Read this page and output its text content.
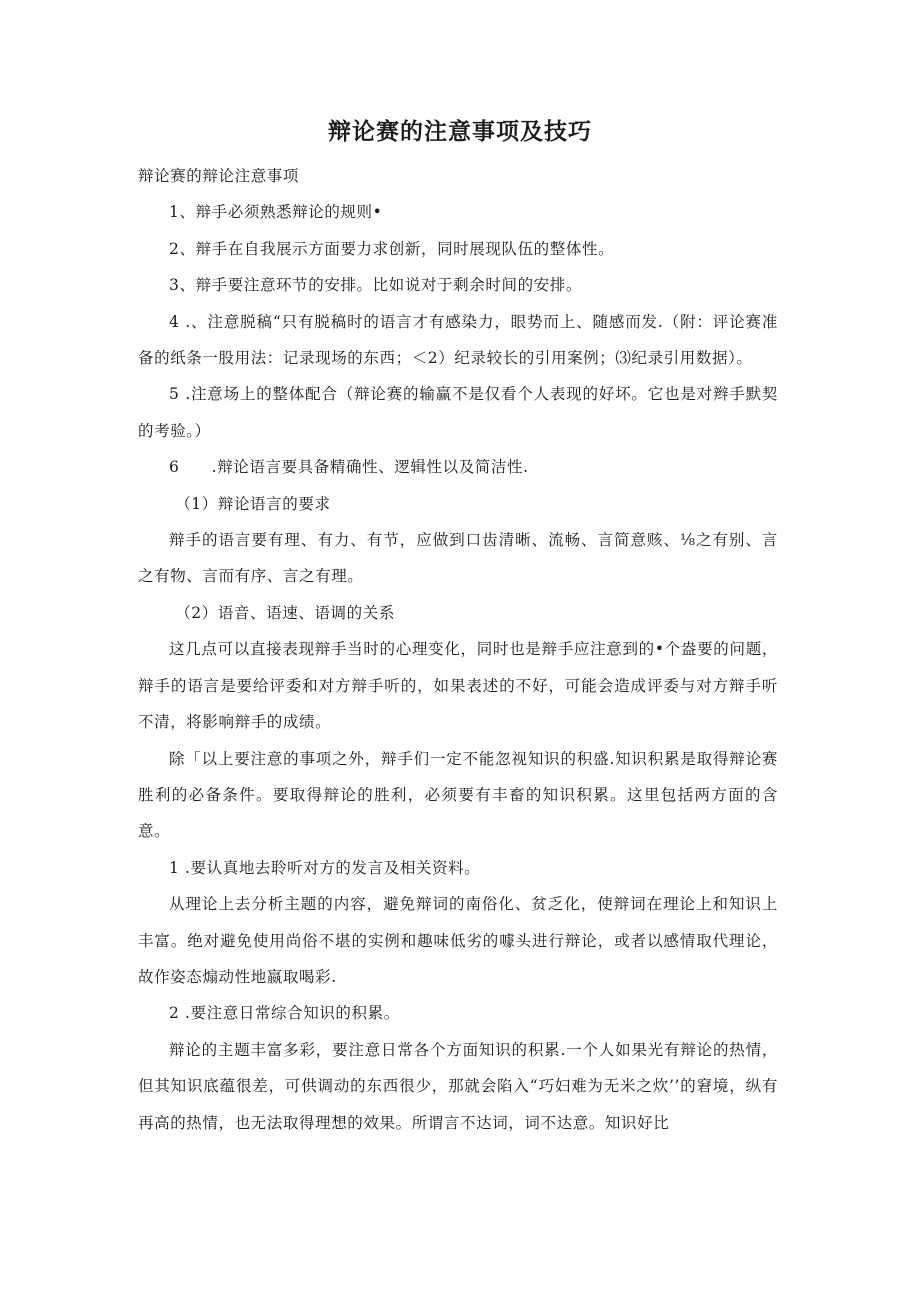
辩论赛的注意事项及技巧

辩论赛的辩论注意事项

1、辩手必须熟悉辩论的规则•

2、辩手在自我展示方面要力求创新，同时展现队伍的整体性。

3、辩手要注意环节的安排。比如说对于剩余时间的安排。

4 .、注意脱稿“只有脱稿时的语言才有感染力，眼势而上、随感而发.（附：评论赛准备的纸条一股用法：记录现场的东西；＜2）纪录较长的引用案例；⑶纪录引用数据）。

5 .注意场上的整体配合（辩论赛的输赢不是仅看个人表现的好坏。它也是对辫手默契的考验。）

6　　.辩论语言要具备精确性、逻辑性以及简洁性.

（1）辩论语言的要求

辩手的语言要有理、有力、有节，应做到口齿清晰、流畅、言简意赅、⅛之有别、言之有物、言而有序、言之有理。

（2）语音、语速、语调的关系

这几点可以直接表现辩手当时的心理变化，同时也是辩手应注意到的•个盎要的问题，辩手的语言是要给评委和对方辩手听的，如果表述的不好，可能会造成评委与对方辩手听不清，将影响辩手的成绩。

除「以上要注意的事项之外，辩手们一定不能忽视知识的积盛.知识积累是取得辩论赛胜利的必备条件。要取得辩论的胜利，必须要有丰畜的知识积累。这里包括两方面的含意。

1 .要认真地去聆听对方的发言及相关资料。

从理论上去分析主题的内容，避免辩词的南俗化、贫乏化，使辩词在理论上和知识上丰富。绝对避免使用尚俗不堪的实例和趣味低劣的噱头进行辩论，或者以感情取代理论，故作姿态煽动性地嬴取喝彩.

2 .要注意日常综合知识的积累。

辩论的主题丰富多彩，要注意日常各个方面知识的积累.一个人如果光有辩论的热情，但其知识底蕴很差，可供调动的东西很少，那就会陷入“巧妇难为无米之炊’’的窘境，纵有再高的热情，也无法取得理想的效果。所谓言不达词，词不达意。知识好比
